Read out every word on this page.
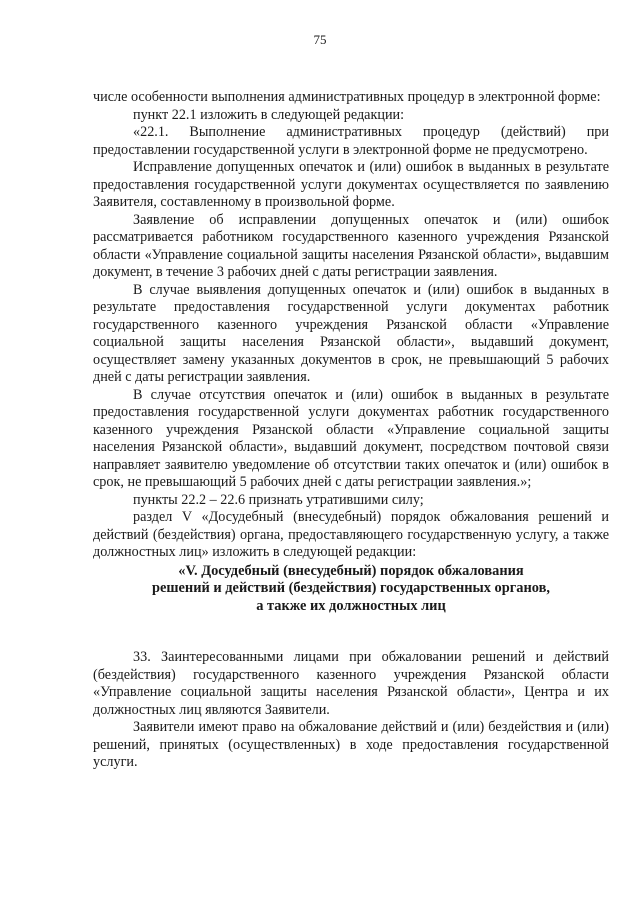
75

числе особенности выполнения административных процедур в электронной форме:

пункт 22.1 изложить в следующей редакции:

«22.1. Выполнение административных процедур (действий) при предоставлении государственной услуги в электронной форме не предусмотрено.

Исправление допущенных опечаток и (или) ошибок в выданных в результате предоставления государственной услуги документах осуществляется по заявлению Заявителя, составленному в произвольной форме.

Заявление об исправлении допущенных опечаток и (или) ошибок рассматривается работником государственного казенного учреждения Рязанской области «Управление социальной защиты населения Рязанской области», выдавшим документ, в течение 3 рабочих дней с даты регистрации заявления.

В случае выявления допущенных опечаток и (или) ошибок в выданных в результате предоставления государственной услуги документах работник государственного казенного учреждения Рязанской области «Управление социальной защиты населения Рязанской области», выдавший документ, осуществляет замену указанных документов в срок, не превышающий 5 рабочих дней с даты регистрации заявления.

В случае отсутствия опечаток и (или) ошибок в выданных в результате предоставления государственной услуги документах работник государственного казенного учреждения Рязанской области «Управление социальной защиты населения Рязанской области», выдавший документ, посредством почтовой связи направляет заявителю уведомление об отсутствии таких опечаток и (или) ошибок в срок, не превышающий 5 рабочих дней с даты регистрации заявления.»;

пункты 22.2 – 22.6 признать утратившими силу;

раздел V «Досудебный (внесудебный) порядок обжалования решений и действий (бездействия) органа, предоставляющего государственную услугу, а также должностных лиц» изложить в следующей редакции:

«V. Досудебный (внесудебный) порядок обжалования
решений и действий (бездействия) государственных органов,
а также их должностных лиц

33. Заинтересованными лицами при обжаловании решений и действий (бездействия) государственного казенного учреждения Рязанской области «Управление социальной защиты населения Рязанской области», Центра и их должностных лиц являются Заявители.

Заявители имеют право на обжалование действий и (или) бездействия и (или) решений, принятых (осуществленных) в ходе предоставления государственной услуги.
